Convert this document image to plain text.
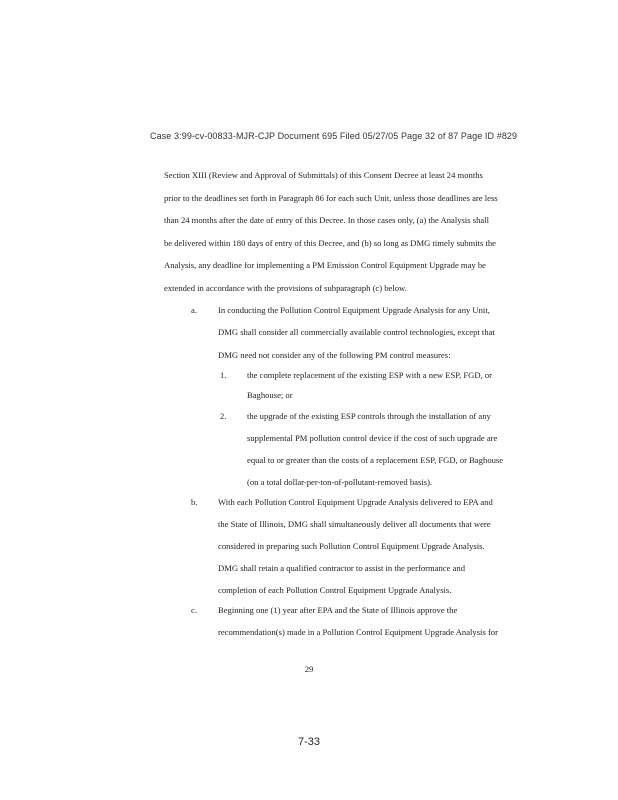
Case 3:99-cv-00833-MJR-CJP Document 695 Filed 05/27/05 Page 32 of 87 Page ID #829
Section XIII (Review and Approval of Submittals) of this Consent Decree at least 24 months
prior to the deadlines set forth in Paragraph 86 for each such Unit, unless those deadlines are less
than 24 months after the date of entry of this Decree. In those cases only, (a) the Analysis shall
be delivered within 180 days of entry of this Decree, and (b) so long as DMG timely submits the
Analysis, any deadline for implementing a PM Emission Control Equipment Upgrade may be
extended in accordance with the provisions of subparagraph (c) below.
a. In conducting the Pollution Control Equipment Upgrade Analysis for any Unit,
DMG shall consider all commercially available control technologies, except that
DMG need not consider any of the following PM control measures:
1. the complete replacement of the existing ESP with a new ESP, FGD, or
Baghouse; or
2. the upgrade of the existing ESP controls through the installation of any
supplemental PM pollution control device if the cost of such upgrade are
equal to or greater than the costs of a replacement ESP, FGD, or Baghouse
(on a total dollar-per-ton-of-pollutant-removed basis).
b. With each Pollution Control Equipment Upgrade Analysis delivered to EPA and
the State of Illinois, DMG shall simultaneously deliver all documents that were
considered in preparing such Pollution Control Equipment Upgrade Analysis.
DMG shall retain a qualified contractor to assist in the performance and
completion of each Pollution Control Equipment Upgrade Analysis.
c. Beginning one (1) year after EPA and the State of Illinois approve the
recommendation(s) made in a Pollution Control Equipment Upgrade Analysis for
29
7-33
